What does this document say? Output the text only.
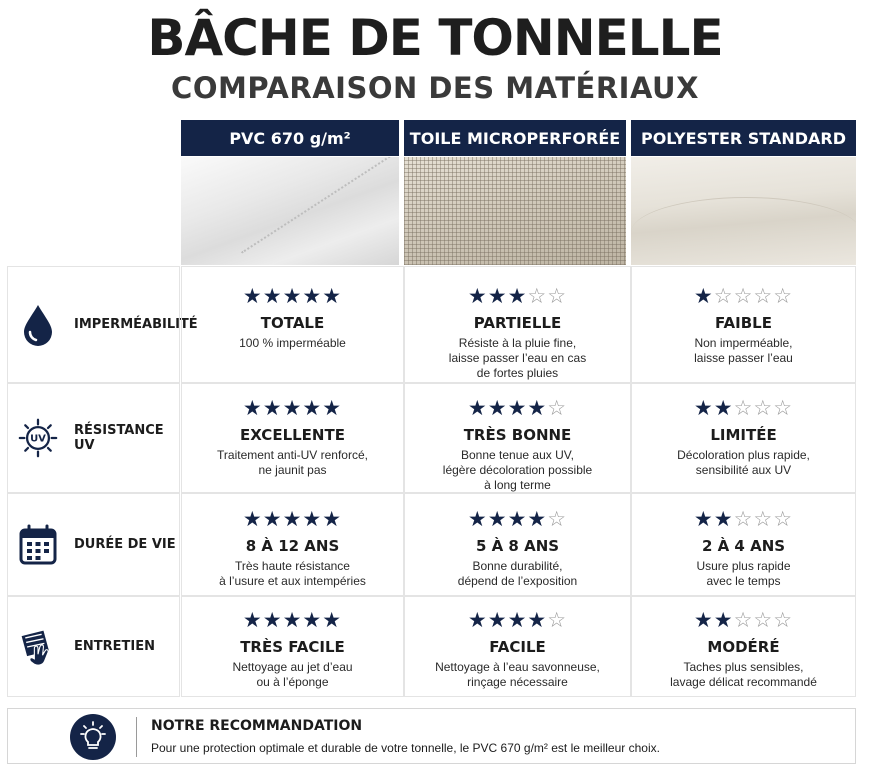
BÂCHE DE TONNELLE
COMPARAISON DES MATÉRIAUX
PVC 670 g/m²	TOILE MICROPERFORÉE	POLYESTER STANDARD
IMPERMÉABILITÉ
UV
RÉSISTANCE UV
DURÉE DE VIE
ENTRETIEN
★★★★★
TOTALE
100 % imperméable
★★★☆☆
PARTIELLE
Résiste à la pluie fine,
laisse passer l’eau en cas
de fortes pluies
★☆☆☆☆
FAIBLE
Non imperméable,
laisse passer l’eau
★★★★★
EXCELLENTE
Traitement anti-UV renforcé,
ne jaunit pas
★★★★☆
TRÈS BONNE
Bonne tenue aux UV,
légère décoloration possible
à long terme
★★☆☆☆
LIMITÉE
Décoloration plus rapide,
sensibilité aux UV
★★★★★
8 À 12 ANS
Très haute résistance
à l’usure et aux intempéries
★★★★☆
5 À 8 ANS
Bonne durabilité,
dépend de l’exposition
★★☆☆☆
2 À 4 ANS
Usure plus rapide
avec le temps
★★★★★
TRÈS FACILE
Nettoyage au jet d’eau
ou à l’éponge
★★★★☆
FACILE
Nettoyage à l’eau savonneuse,
rinçage nécessaire
★★☆☆☆
MODÉRÉ
Taches plus sensibles,
lavage délicat recommandé
NOTRE RECOMMANDATION
Pour une protection optimale et durable de votre tonnelle, le PVC 670 g/m² est le meilleur choix.
